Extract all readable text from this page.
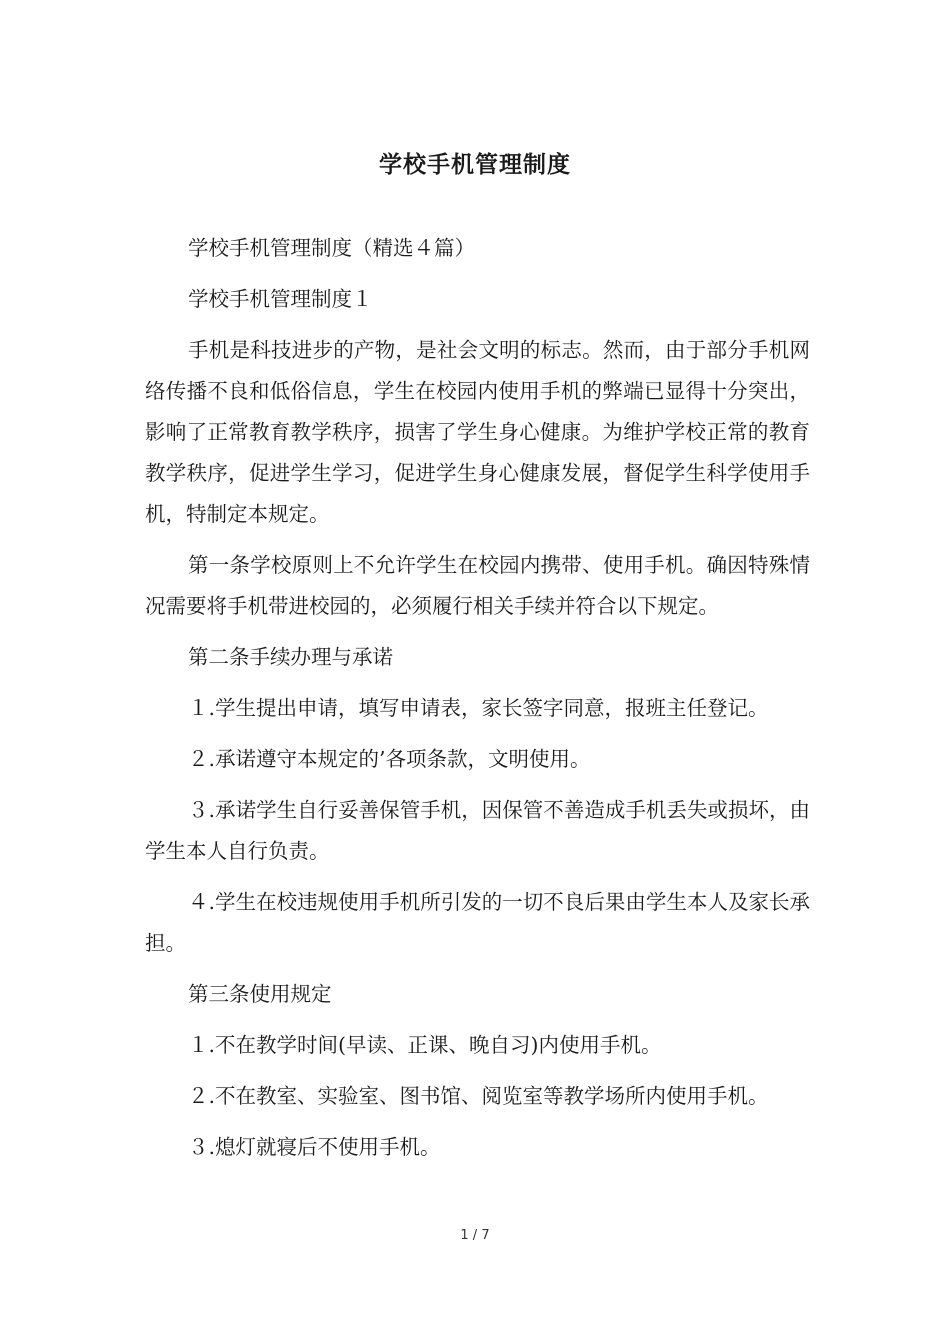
学校手机管理制度

学校手机管理制度（精选４篇）

学校手机管理制度１

手机是科技进步的产物，是社会文明的标志。然而，由于部分手机网络传播不良和低俗信息，学生在校园内使用手机的弊端已显得十分突出，影响了正常教育教学秩序，损害了学生身心健康。为维护学校正常的教育教学秩序，促进学生学习，促进学生身心健康发展，督促学生科学使用手机，特制定本规定。

第一条学校原则上不允许学生在校园内携带、使用手机。确因特殊情况需要将手机带进校园的，必须履行相关手续并符合以下规定。

第二条手续办理与承诺

１.学生提出申请，填写申请表，家长签字同意，报班主任登记。

２.承诺遵守本规定的’各项条款，文明使用。

３.承诺学生自行妥善保管手机，因保管不善造成手机丢失或损坏，由学生本人自行负责。

４.学生在校违规使用手机所引发的一切不良后果由学生本人及家长承担。

第三条使用规定

１.不在教学时间(早读、正课、晚自习)内使用手机。

２.不在教室、实验室、图书馆、阅览室等教学场所内使用手机。

３.熄灯就寝后不使用手机。

1 / 7
